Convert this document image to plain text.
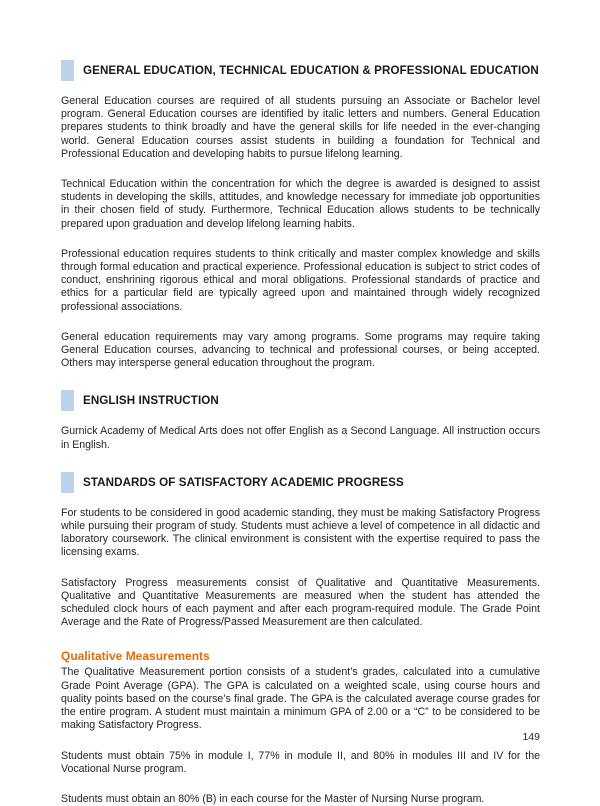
GENERAL EDUCATION, TECHNICAL EDUCATION & PROFESSIONAL EDUCATION

General Education courses are required of all students pursuing an Associate or Bachelor level program. General Education courses are identified by italic letters and numbers. General Education prepares students to think broadly and have the general skills for life needed in the ever-changing world. General Education courses assist students in building a foundation for Technical and Professional Education and developing habits to pursue lifelong learning.

Technical Education within the concentration for which the degree is awarded is designed to assist students in developing the skills, attitudes, and knowledge necessary for immediate job opportunities in their chosen field of study. Furthermore, Technical Education allows students to be technically prepared upon graduation and develop lifelong learning habits.

Professional education requires students to think critically and master complex knowledge and skills through formal education and practical experience. Professional education is subject to strict codes of conduct, enshrining rigorous ethical and moral obligations. Professional standards of practice and ethics for a particular field are typically agreed upon and maintained through widely recognized professional associations.

General education requirements may vary among programs. Some programs may require taking General Education courses, advancing to technical and professional courses, or being accepted. Others may intersperse general education throughout the program.

ENGLISH INSTRUCTION

Gurnick Academy of Medical Arts does not offer English as a Second Language. All instruction occurs in English.

STANDARDS OF SATISFACTORY ACADEMIC PROGRESS

For students to be considered in good academic standing, they must be making Satisfactory Progress while pursuing their program of study. Students must achieve a level of competence in all didactic and laboratory coursework. The clinical environment is consistent with the expertise required to pass the licensing exams.

Satisfactory Progress measurements consist of Qualitative and Quantitative Measurements. Qualitative and Quantitative Measurements are measured when the student has attended the scheduled clock hours of each payment and after each program-required module. The Grade Point Average and the Rate of Progress/Passed Measurement are then calculated.

Qualitative Measurements

The Qualitative Measurement portion consists of a student’s grades, calculated into a cumulative Grade Point Average (GPA). The GPA is calculated on a weighted scale, using course hours and quality points based on the course’s final grade. The GPA is the calculated average course grades for the entire program. A student must maintain a minimum GPA of 2.00 or a “C” to be considered to be making Satisfactory Progress.

Students must obtain 75% in module I, 77% in module II, and 80% in modules III and IV for the Vocational Nurse program.

Students must obtain an 80% (B) in each course for the Master of Nursing Nurse program.

149
